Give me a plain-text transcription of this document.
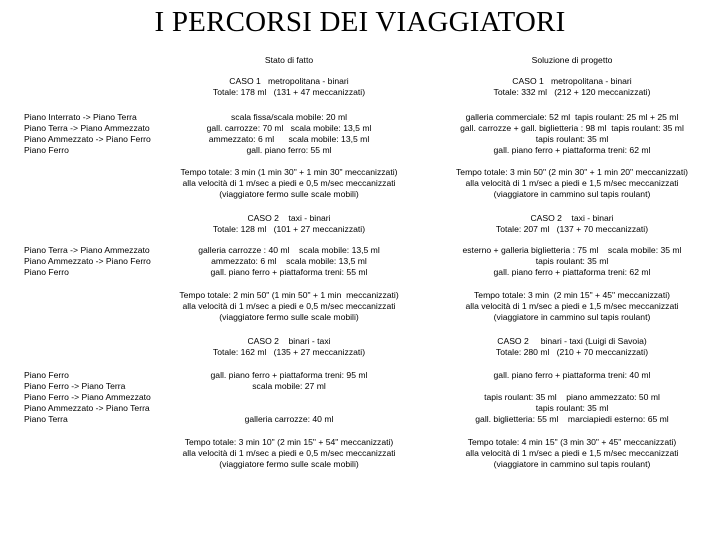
I PERCORSI DEI VIAGGIATORI
Stato di fatto	Soluzione di progetto
CASO 1   metropolitana - binari
Totale: 178 ml   (131 + 47 meccanizzati)
CASO 1   metropolitana - binari
Totale: 332 ml   (212 + 120 meccanizzati)
Piano Interrato -> Piano Terra
Piano Terra -> Piano Ammezzato
Piano Ammezzato -> Piano Ferro
Piano Ferro
scala fissa/scala mobile: 20 ml
gall. carrozze: 70 ml   scala mobile: 13,5 ml
ammezzato: 6 ml      scala mobile: 13,5 ml
gall. piano ferro: 55 ml
galleria commerciale: 52 ml  tapis roulant: 25 ml + 25 ml
gall. carrozze + gall. biglietteria : 98 ml  tapis roulant: 35 ml
tapis roulant: 35 ml
gall. piano ferro + piattaforma treni: 62 ml
Tempo totale: 3 min (1 min 30" + 1 min 30" meccanizzati)
alla velocità di 1 m/sec a piedi e 0,5 m/sec meccanizzati
(viaggiatore fermo sulle scale mobili)
Tempo totale: 3 min 50" (2 min 30" + 1 min 20" meccanizzati)
alla velocità di 1 m/sec a piedi e 1,5 m/sec meccanizzati
(viaggiatore in cammino sul tapis roulant)
CASO 2    taxi - binari
Totale: 128 ml   (101 + 27 meccanizzati)
CASO 2    taxi - binari
Totale: 207 ml   (137 + 70 meccanizzati)
Piano Terra -> Piano Ammezzato
Piano Ammezzato -> Piano Ferro
Piano Ferro
galleria carrozze : 40 ml    scala mobile: 13,5 ml
ammezzato: 6 ml    scala mobile: 13,5 ml
gall. piano ferro + piattaforma treni: 55 ml
esterno + galleria biglietteria : 75 ml    scala mobile: 35 ml
tapis roulant: 35 ml
gall. piano ferro + piattaforma treni: 62 ml
Tempo totale: 2 min 50" (1 min 50" + 1 min  meccanizzati)
alla velocità di 1 m/sec a piedi e 0,5 m/sec meccanizzati
(viaggiatore fermo sulle scale mobili)
Tempo totale: 3 min  (2 min 15" + 45" meccanizzati)
alla velocità di 1 m/sec a piedi e 1,5 m/sec meccanizzati
(viaggiatore in cammino sul tapis roulant)
CASO 2    binari - taxi
Totale: 162 ml   (135 + 27 meccanizzati)
CASO 2     binari - taxi (Luigi di Savoia)
Totale: 280 ml   (210 + 70 meccanizzati)
Piano Ferro
Piano Ferro -> Piano Terra
Piano Ferro -> Piano Ammezzato
Piano Ammezzato -> Piano Terra
Piano Terra
gall. piano ferro + piattaforma treni: 95 ml
scala mobile: 27 ml

galleria carrozze: 40 ml
gall. piano ferro + piattaforma treni: 40 ml

tapis roulant: 35 ml    piano ammezzato: 50 ml
tapis roulant: 35 ml
gall. biglietteria: 55 ml    marciapiedi esterno: 65 ml
Tempo totale: 3 min 10" (2 min 15" + 54" meccanizzati)
alla velocità di 1 m/sec a piedi e 0,5 m/sec meccanizzati
(viaggiatore fermo sulle scale mobili)
Tempo totale: 4 min 15" (3 min 30" + 45" meccanizzati)
alla velocità di 1 m/sec a piedi e 1,5 m/sec meccanizzati
(viaggiatore in cammino sul tapis roulant)
